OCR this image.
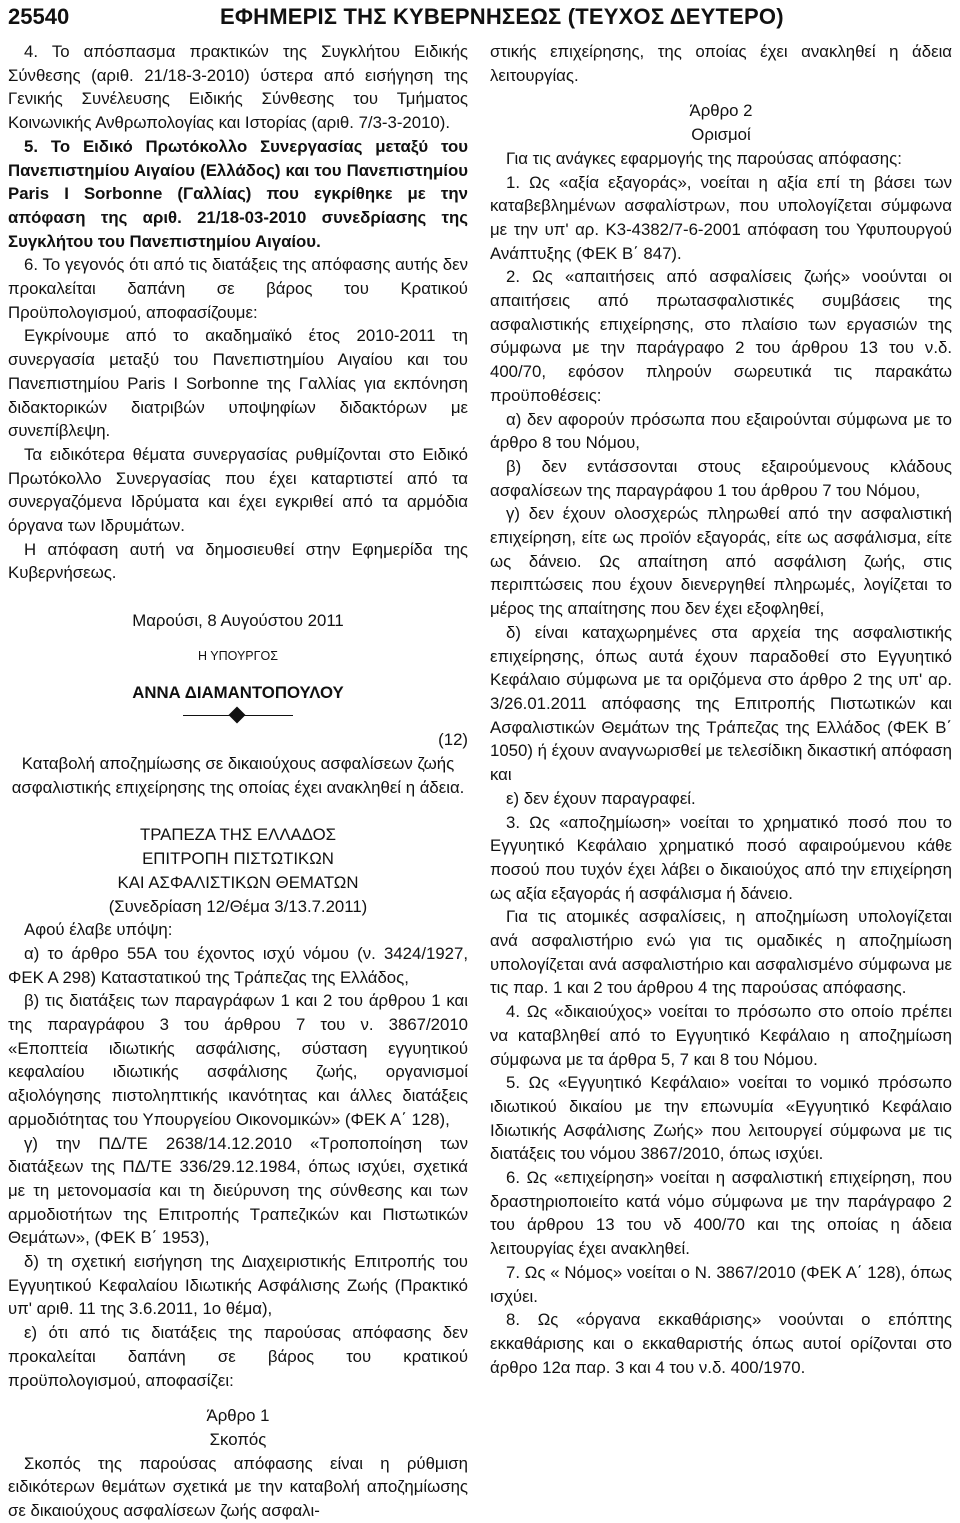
25540	ΕΦΗΜΕΡΙΣ ΤΗΣ ΚΥΒΕΡΝΗΣΕΩΣ (ΤΕΥΧΟΣ ΔΕΥΤΕΡΟ)

4. Το απόσπασμα πρακτικών της Συγκλήτου Ειδικής Σύνθεσης (αριθ. 21/18-3-2010) ύστερα από εισήγηση της Γενικής Συνέλευσης Ειδικής Σύνθεσης του Τμήματος Κοινωνικής Ανθρωπολογίας και Ιστορίας (αριθ. 7/3-3-2010).

5. Το Ειδικό Πρωτόκολλο Συνεργασίας μεταξύ του Πανεπιστημίου Αιγαίου (Ελλάδος) και του Πανεπιστημίου Paris I Sorbonne (Γαλλίας) που εγκρίθηκε με την απόφαση της αριθ. 21/18-03-2010 συνεδρίασης της Συγκλήτου του Πανεπιστημίου Αιγαίου.

6. Το γεγονός ότι από τις διατάξεις της απόφασης αυτής δεν προκαλείται δαπάνη σε βάρος του Κρατικού Προϋπολογισμού, αποφασίζουμε:

Εγκρίνουμε από το ακαδημαϊκό έτος 2010-2011 τη συνεργασία μεταξύ του Πανεπιστημίου Αιγαίου και του Πανεπιστημίου Paris I Sorbonne της Γαλλίας για εκπόνηση διδακτορικών διατριβών υποψηφίων διδακτόρων με συνεπίβλεψη.

Τα ειδικότερα θέματα συνεργασίας ρυθμίζονται στο Ειδικό Πρωτόκολλο Συνεργασίας που έχει καταρτιστεί από τα συνεργαζόμενα Ιδρύματα και έχει εγκριθεί από τα αρμόδια όργανα των Ιδρυμάτων.

Η απόφαση αυτή να δημοσιευθεί στην Εφημερίδα της Κυβερνήσεως.

Μαρούσι, 8 Αυγούστου 2011

Η ΥΠΟΥΡΓΟΣ

ΑΝΝΑ ΔΙΑΜΑΝΤΟΠΟΥΛΟΥ

(12)

Καταβολή αποζημίωσης σε δικαιούχους ασφαλίσεων ζωής ασφαλιστικής επιχείρησης της οποίας έχει ανακληθεί η άδεια.

ΤΡΑΠΕΖΑ ΤΗΣ ΕΛΛΑΔΟΣ

ΕΠΙΤΡΟΠΗ ΠΙΣΤΩΤΙΚΩΝ

ΚΑΙ ΑΣΦΑΛΙΣΤΙΚΩΝ ΘΕΜΑΤΩΝ

(Συνεδρίαση 12/Θέμα 3/13.7.2011)

Αφού έλαβε υπόψη:

α) το άρθρο 55Α του έχοντος ισχύ νόμου (ν. 3424/1927, ΦΕΚ Α 298) Καταστατικού της Τράπεζας της Ελλάδος,

β) τις διατάξεις των παραγράφων 1 και 2 του άρθρου 1 και της παραγράφου 3 του άρθρου 7 του ν. 3867/2010 «Εποπτεία ιδιωτικής ασφάλισης, σύσταση εγγυητικού κεφαλαίου ιδιωτικής ασφάλισης ζωής, οργανισμοί αξιολόγησης πιστοληπτικής ικανότητας και άλλες διατάξεις αρμοδιότητας του Υπουργείου Οικονομικών» (ΦΕΚ Α΄ 128),

γ) την ΠΔ/ΤΕ 2638/14.12.2010 «Τροποποίηση των διατάξεων της ΠΔ/ΤΕ 336/29.12.1984, όπως ισχύει, σχετικά με τη μετονομασία και τη διεύρυνση της σύνθεσης και των αρμοδιοτήτων της Επιτροπής Τραπεζικών και Πιστωτικών Θεμάτων», (ΦΕΚ Β΄ 1953),

δ) τη σχετική εισήγηση της Διαχειριστικής Επιτροπής του Εγγυητικού Κεφαλαίου Ιδιωτικής Ασφάλισης Ζωής (Πρακτικό υπ' αριθ. 11 της 3.6.2011, 1ο θέμα),

ε) ότι από τις διατάξεις της παρούσας απόφασης δεν προκαλείται δαπάνη σε βάρος του κρατικού προϋπολογισμού, αποφασίζει:

Άρθρο 1

Σκοπός

Σκοπός της παρούσας απόφασης είναι η ρύθμιση ειδικότερων θεμάτων σχετικά με την καταβολή αποζημίωσης σε δικαιούχους ασφαλίσεων ζωής ασφαλι-

στικής επιχείρησης, της οποίας έχει ανακληθεί η άδεια λειτουργίας.

Άρθρο 2

Ορισμοί

Για τις ανάγκες εφαρμογής της παρούσας απόφασης:

1. Ως «αξία εξαγοράς», νοείται η αξία επί τη βάσει των καταβεβλημένων ασφαλίστρων, που υπολογίζεται σύμφωνα με την υπ' αρ. Κ3-4382/7-6-2001 απόφαση του Υφυπουργού Ανάπτυξης (ΦΕΚ Β΄ 847).

2. Ως «απαιτήσεις από ασφαλίσεις ζωής» νοούνται οι απαιτήσεις από πρωτασφαλιστικές συμβάσεις της ασφαλιστικής επιχείρησης, στο πλαίσιο των εργασιών της σύμφωνα με την παράγραφο 2 του άρθρου 13 του ν.δ. 400/70, εφόσον πληρούν σωρευτικά τις παρακάτω προϋποθέσεις:

α) δεν αφορούν πρόσωπα που εξαιρούνται σύμφωνα με το άρθρο 8 του Νόμου,

β) δεν εντάσσονται στους εξαιρούμενους κλάδους ασφαλίσεων της παραγράφου 1 του άρθρου 7 του Νόμου,

γ) δεν έχουν ολοσχερώς πληρωθεί από την ασφαλιστική επιχείρηση, είτε ως προϊόν εξαγοράς, είτε ως ασφάλισμα, είτε ως δάνειο. Ως απαίτηση από ασφάλιση ζωής, στις περιπτώσεις που έχουν διενεργηθεί πληρωμές, λογίζεται το μέρος της απαίτησης που δεν έχει εξοφληθεί,

δ) είναι καταχωρημένες στα αρχεία της ασφαλιστικής επιχείρησης, όπως αυτά έχουν παραδοθεί στο Εγγυητικό Κεφάλαιο σύμφωνα με τα οριζόμενα στο άρθρο 2 της υπ' αρ. 3/26.01.2011 απόφασης της Επιτροπής Πιστωτικών και Ασφαλιστικών Θεμάτων της Τράπεζας της Ελλάδος (ΦΕΚ Β΄ 1050) ή έχουν αναγνωρισθεί με τελεσίδικη δικαστική απόφαση και

ε) δεν έχουν παραγραφεί.

3. Ως «αποζημίωση» νοείται το χρηματικό ποσό που το Εγγυητικό Κεφάλαιο χρηματικό ποσό αφαιρούμενου κάθε ποσού που τυχόν έχει λάβει ο δικαιούχος από την επιχείρηση ως αξία εξαγοράς ή ασφάλισμα ή δάνειο.

Για τις ατομικές ασφαλίσεις, η αποζημίωση υπολογίζεται ανά ασφαλιστήριο ενώ για τις ομαδικές η αποζημίωση υπολογίζεται ανά ασφαλιστήριο και ασφαλισμένο σύμφωνα με τις παρ. 1 και 2 του άρθρου 4 της παρούσας απόφασης.

4. Ως «δικαιούχος» νοείται το πρόσωπο στο οποίο πρέπει να καταβληθεί από το Εγγυητικό Κεφάλαιο η αποζημίωση σύμφωνα με τα άρθρα 5, 7 και 8 του Νόμου.

5. Ως «Εγγυητικό Κεφάλαιο» νοείται το νομικό πρόσωπο ιδιωτικού δικαίου με την επωνυμία «Εγγυητικό Κεφάλαιο Ιδιωτικής Ασφάλισης Ζωής» που λειτουργεί σύμφωνα με τις διατάξεις του νόμου 3867/2010, όπως ισχύει.

6. Ως «επιχείρηση» νοείται η ασφαλιστική επιχείρηση, που δραστηριοποιείτο κατά νόμο σύμφωνα με την παράγραφο 2 του άρθρου 13 του νδ 400/70 και της οποίας η άδεια λειτουργίας έχει ανακληθεί.

7. Ως « Νόμος» νοείται ο Ν. 3867/2010 (ΦΕΚ Α΄ 128), όπως ισχύει.

8. Ως «όργανα εκκαθάρισης» νοούνται ο επόπτης εκκαθάρισης και ο εκκαθαριστής όπως αυτοί ορίζονται στο άρθρο 12α παρ. 3 και 4 του ν.δ. 400/1970.
